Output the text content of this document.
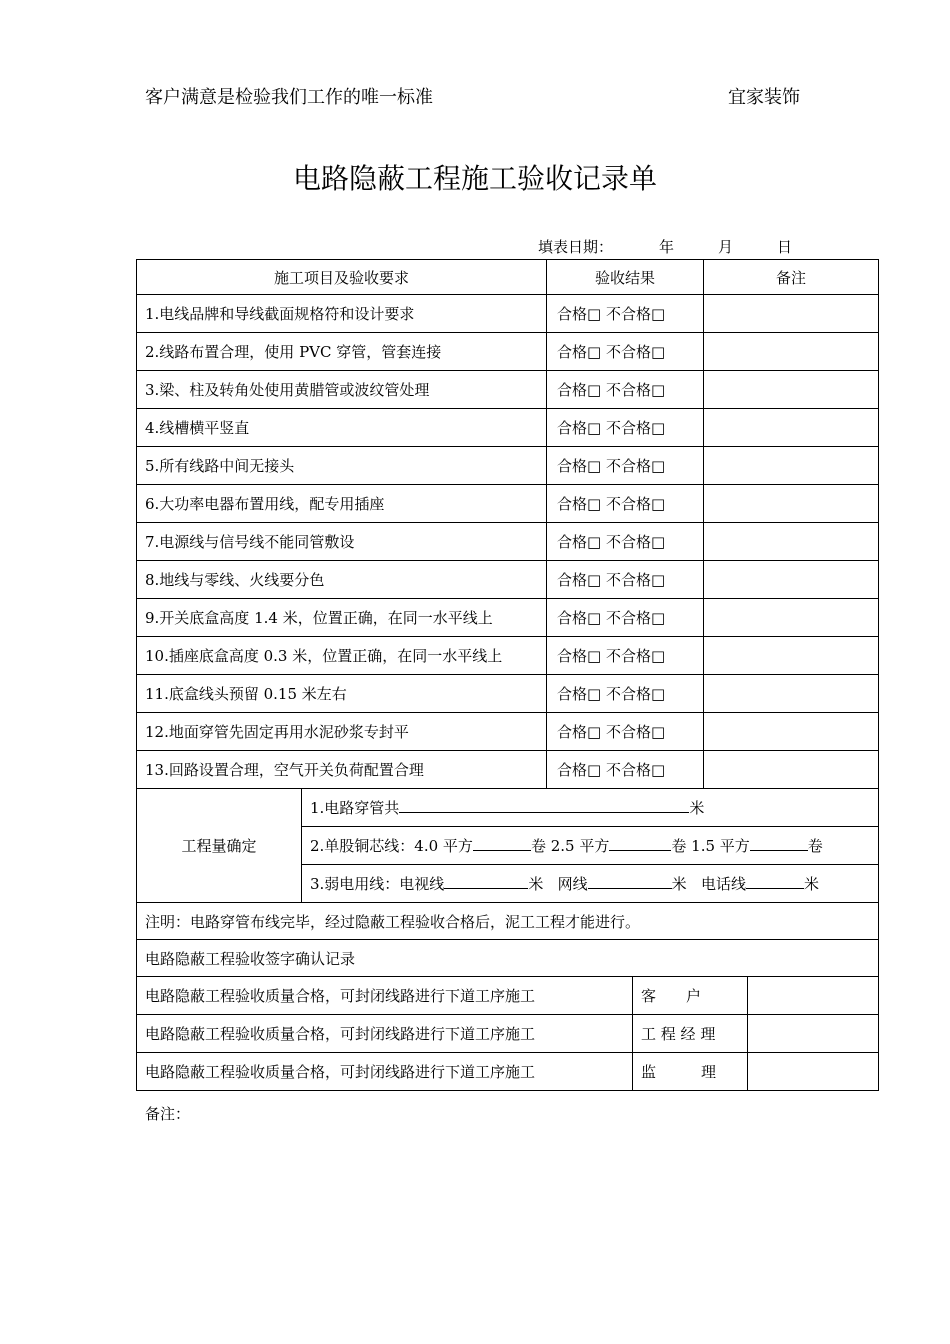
客户满意是检验我们工作的唯一标准	宜家装饰
电路隐蔽工程施工验收记录单
填表日期：	年	月	日
施工项目及验收要求		验收结果		备注	
1.电线品牌和导线截面规格符和设计要求		合格□ 不合格□			
2.线路布置合理，使用 PVC 穿管，管套连接		合格□ 不合格□			
3.梁、柱及转角处使用黄腊管或波纹管处理		合格□ 不合格□			
4.线槽横平竖直		合格□ 不合格□			
5.所有线路中间无接头		合格□ 不合格□			
6.大功率电器布置用线，配专用插座		合格□ 不合格□			
7.电源线与信号线不能同管敷设		合格□ 不合格□			
8.地线与零线、火线要分色		合格□ 不合格□			
9.开关底盒高度 1.4 米，位置正确，在同一水平线上		合格□ 不合格□			
10.插座底盒高度 0.3 米，位置正确，在同一水平线上		合格□ 不合格□			
11.底盒线头预留 0.15 米左右		合格□ 不合格□			
12.地面穿管先固定再用水泥砂浆专封平		合格□ 不合格□			
13.回路设置合理，空气开关负荷配置合理		合格□ 不合格□			
工程量确定	1.电路穿管共 米				
	2.单股铜芯线：4.0 平方 卷 2.5 平方 卷 1.5 平方 卷				
	3.弱电用线：电视线 米 网线 米 电话线 米				
注明：电路穿管布线完毕，经过隐蔽工程验收合格后，泥工工程才能进行。					
电路隐蔽工程验收签字确认记录					
电路隐蔽工程验收质量合格，可封闭线路进行下道工序施工			客　　户		
电路隐蔽工程验收质量合格，可封闭线路进行下道工序施工			工 程 经 理		
电路隐蔽工程验收质量合格，可封闭线路进行下道工序施工			监　　　理		
备注：
